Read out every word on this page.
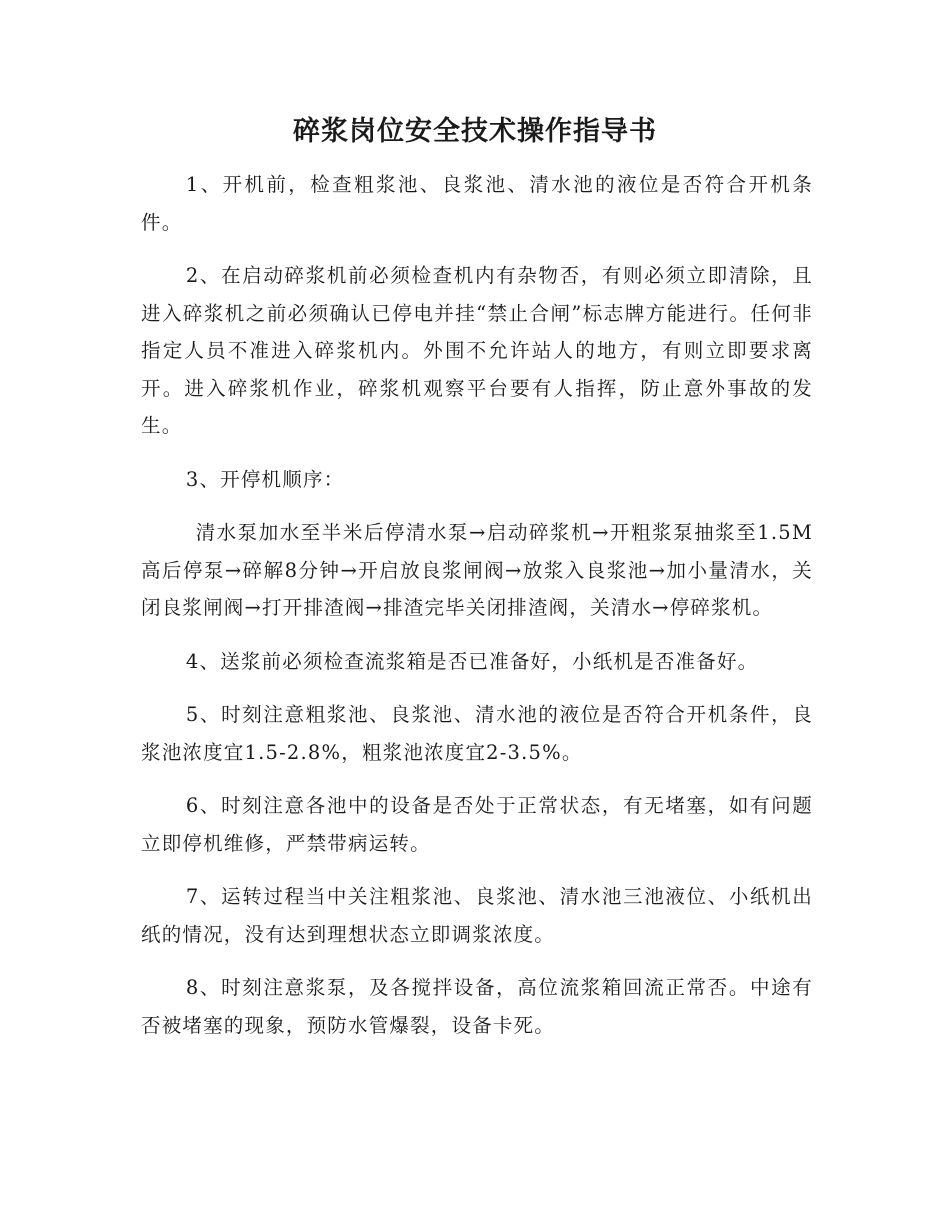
碎浆岗位安全技术操作指导书

1、开机前，检查粗浆池、良浆池、清水池的液位是否符合开机条件。

2、在启动碎浆机前必须检查机内有杂物否，有则必须立即清除，且进入碎浆机之前必须确认已停电并挂“禁止合闸”标志牌方能进行。任何非指定人员不准进入碎浆机内。外围不允许站人的地方，有则立即要求离开。进入碎浆机作业，碎浆机观察平台要有人指挥，防止意外事故的发生。

3、开停机顺序：

清水泵加水至半米后停清水泵→启动碎浆机→开粗浆泵抽浆至1.5M高后停泵→碎解8分钟→开启放良浆闸阀→放浆入良浆池→加小量清水，关闭良浆闸阀→打开排渣阀→排渣完毕关闭排渣阀，关清水→停碎浆机。

4、送浆前必须检查流浆箱是否已准备好，小纸机是否准备好。

5、时刻注意粗浆池、良浆池、清水池的液位是否符合开机条件，良浆池浓度宜1.5-2.8%，粗浆池浓度宜2-3.5%。

6、时刻注意各池中的设备是否处于正常状态，有无堵塞，如有问题立即停机维修，严禁带病运转。

7、运转过程当中关注粗浆池、良浆池、清水池三池液位、小纸机出纸的情况，没有达到理想状态立即调浆浓度。

8、时刻注意浆泵，及各搅拌设备，高位流浆箱回流正常否。中途有否被堵塞的现象，预防水管爆裂，设备卡死。
